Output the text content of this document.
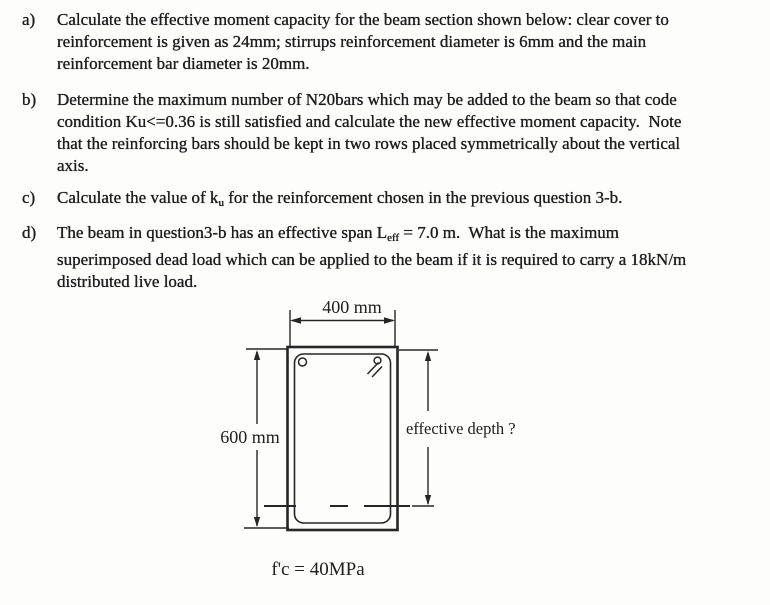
a)	Calculate the effective moment capacity for the beam section shown below: clear cover to
reinforcement is given as 24mm; stirrups reinforcement diameter is 6mm and the main
reinforcement bar diameter is 20mm.
b)	Determine the maximum number of N20bars which may be added to the beam so that code
condition Ku<=0.36 is still satisfied and calculate the new effective moment capacity.  Note
that the reinforcing bars should be kept in two rows placed symmetrically about the vertical
axis.
c)	Calculate the value of $k_u$ for the reinforcement chosen in the previous question 3-b.
d)	The beam in question3-b has an effective span $L_{eff} = 7.0$ m.  What is the maximum
superimposed dead load which can be applied to the beam if it is required to carry a 18kN/m
distributed live load.
400 mm
600 mm	effective depth ?
f'c = 40MPa
